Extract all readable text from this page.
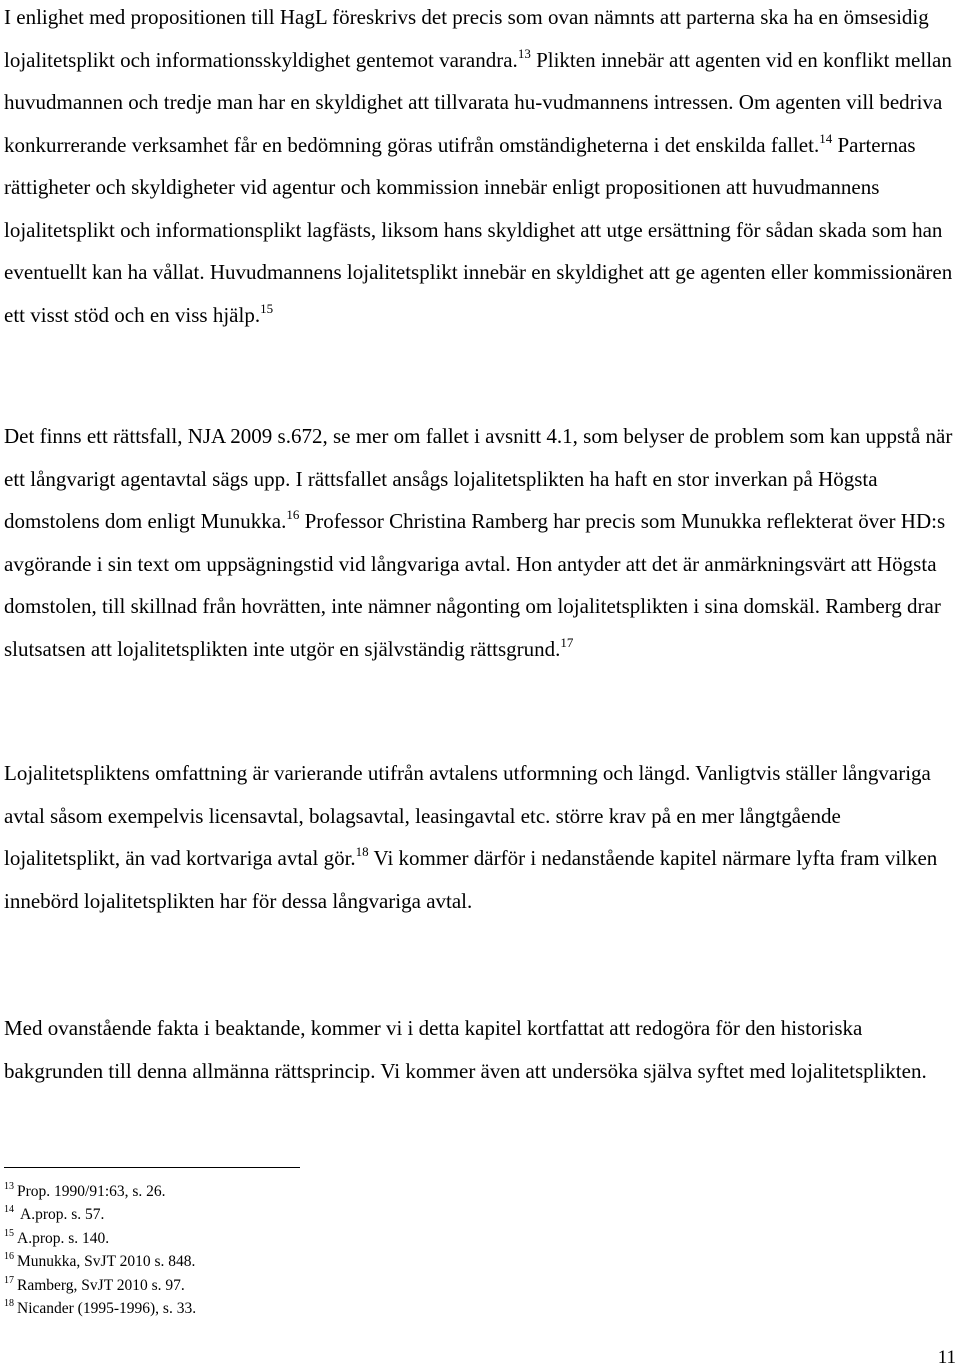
I enlighet med propositionen till HagL föreskrivs det precis som ovan nämnts att parterna ska ha en ömsesidig lojalitetsplikt och informationsskyldighet gentemot varandra.$^{13}$ Plikten innebär att agenten vid en konflikt mellan huvudmannen och tredje man har en skyldighet att tillvarata hu-vudmannens intressen. Om agenten vill bedriva konkurrerande verksamhet får en bedömning göras utifrån omständigheterna i det enskilda fallet.$^{14}$ Parternas rättigheter och skyldigheter vid agentur och kommission innebär enligt propositionen att huvudmannens lojalitetsplikt och informationsplikt lagfästs, liksom hans skyldighet att utge ersättning för sådan skada som han eventuellt kan ha vållat. Huvudmannens lojalitetsplikt innebär en skyldighet att ge agenten eller kommissionären ett visst stöd och en viss hjälp.$^{15}$

Det finns ett rättsfall, NJA 2009 s.672, se mer om fallet i avsnitt 4.1, som belyser de problem som kan uppstå när ett långvarigt agentavtal sägs upp. I rättsfallet ansågs lojalitetsplikten ha haft en stor inverkan på Högsta domstolens dom enligt Munukka.$^{16}$ Professor Christina Ramberg har precis som Munukka reflekterat över HD:s avgörande i sin text om uppsägningstid vid långvariga avtal. Hon antyder att det är anmärkningsvärt att Högsta domstolen, till skillnad från hovrätten, inte nämner någonting om lojalitetsplikten i sina domskäl. Ramberg drar slutsatsen att lojalitetsplikten inte utgör en självständig rättsgrund.$^{17}$

Lojalitetspliktens omfattning är varierande utifrån avtalens utformning och längd. Vanligtvis ställer långvariga avtal såsom exempelvis licensavtal, bolagsavtal, leasingavtal etc. större krav på en mer långtgående lojalitetsplikt, än vad kortvariga avtal gör.$^{18}$ Vi kommer därför i nedanstående kapitel närmare lyfta fram vilken innebörd lojalitetsplikten har för dessa långvariga avtal.

Med ovanstående fakta i beaktande, kommer vi i detta kapitel kortfattat att redogöra för den historiska bakgrunden till denna allmänna rättsprincip. Vi kommer även att undersöka själva syftet med lojalitetsplikten.

$^{13}$ Prop. 1990/91:63, s. 26.
$^{14}$ A.prop. s. 57.
$^{15}$ A.prop. s. 140.
$^{16}$ Munukka, SvJT 2010 s. 848.
$^{17}$ Ramberg, SvJT 2010 s. 97.
$^{18}$ Nicander (1995-1996), s. 33.
11
